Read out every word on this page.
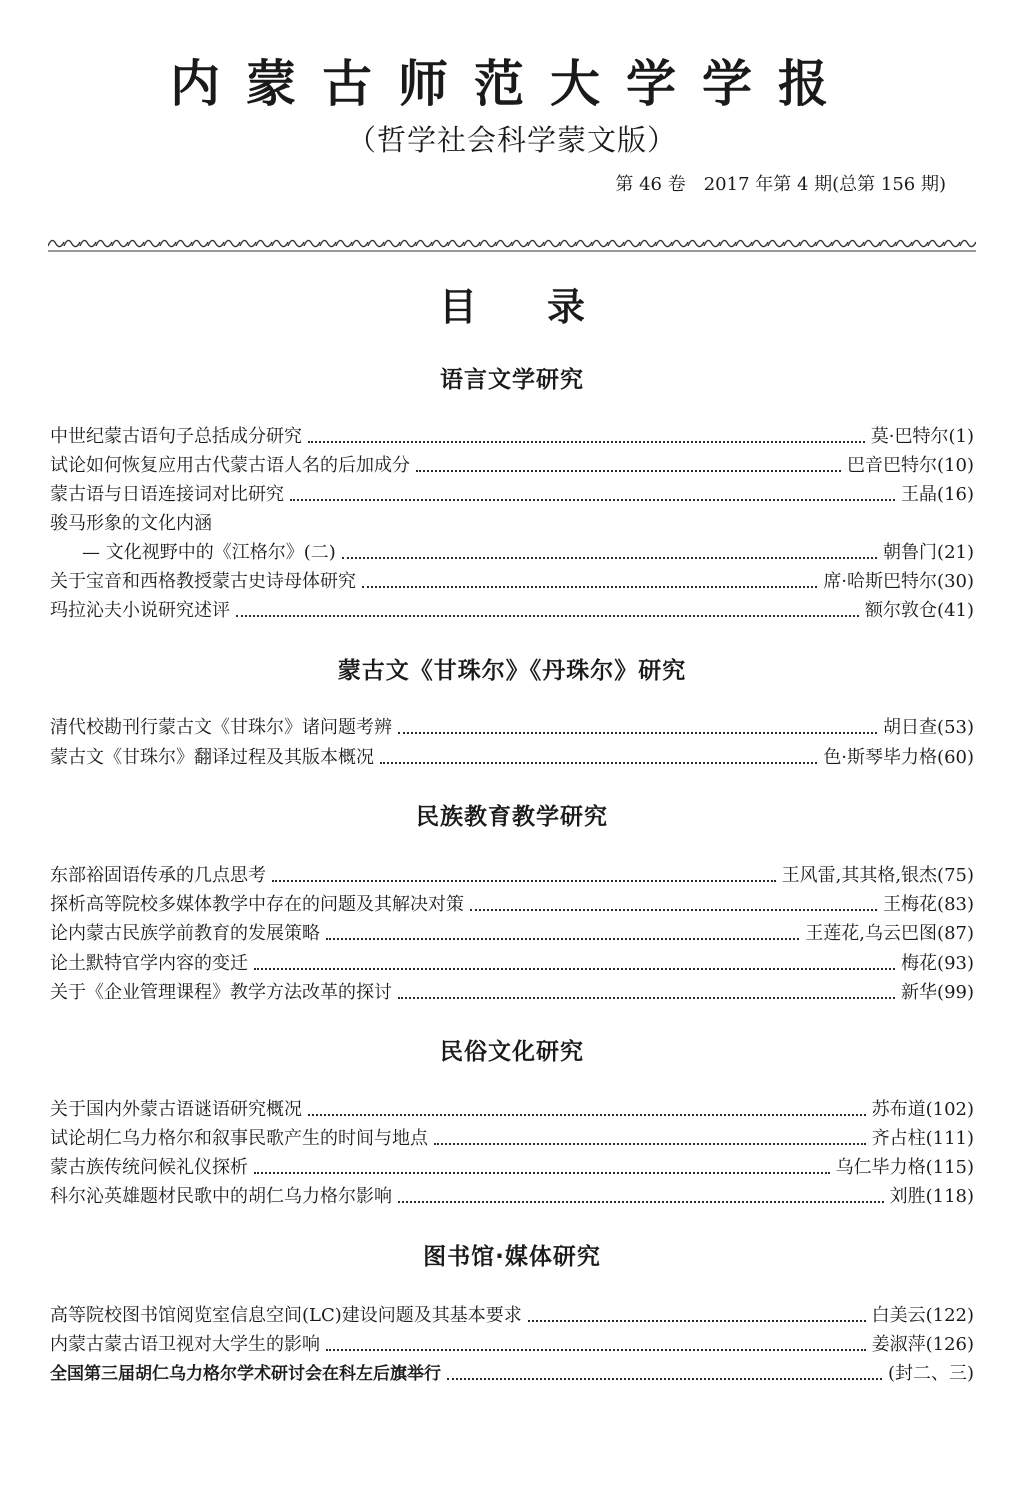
内蒙古师范大学学报
（哲学社会科学蒙文版）
第 46 卷　2017 年第 4 期(总第 156 期)
目录
语言文学研究
中世纪蒙古语句子总括成分研究	莫·巴特尔(1)
试论如何恢复应用古代蒙古语人名的后加成分	巴音巴特尔(10)
蒙古语与日语连接词对比研究	王晶(16)
骏马形象的文化内涵
— 文化视野中的《江格尔》(二)	朝鲁门(21)
关于宝音和西格教授蒙古史诗母体研究	席·哈斯巴特尔(30)
玛拉沁夫小说研究述评	额尔敦仓(41)
蒙古文《甘珠尔》《丹珠尔》研究
清代校勘刊行蒙古文《甘珠尔》诸问题考辨	胡日查(53)
蒙古文《甘珠尔》翻译过程及其版本概况	色·斯琴毕力格(60)
民族教育教学研究
东部裕固语传承的几点思考	王风雷,其其格,银杰(75)
探析高等院校多媒体教学中存在的问题及其解决对策	王梅花(83)
论内蒙古民族学前教育的发展策略	王莲花,乌云巴图(87)
论土默特官学内容的变迁	梅花(93)
关于《企业管理课程》教学方法改革的探讨	新华(99)
民俗文化研究
关于国内外蒙古语谜语研究概况	苏布道(102)
试论胡仁乌力格尔和叙事民歌产生的时间与地点	齐占柱(111)
蒙古族传统问候礼仪探析	乌仁毕力格(115)
科尔沁英雄题材民歌中的胡仁乌力格尔影响	刘胜(118)
图书馆·媒体研究
高等院校图书馆阅览室信息空间(LC)建设问题及其基本要求	白美云(122)
内蒙古蒙古语卫视对大学生的影响	姜淑萍(126)
全国第三届胡仁乌力格尔学术研讨会在科左后旗举行	(封二、三)
